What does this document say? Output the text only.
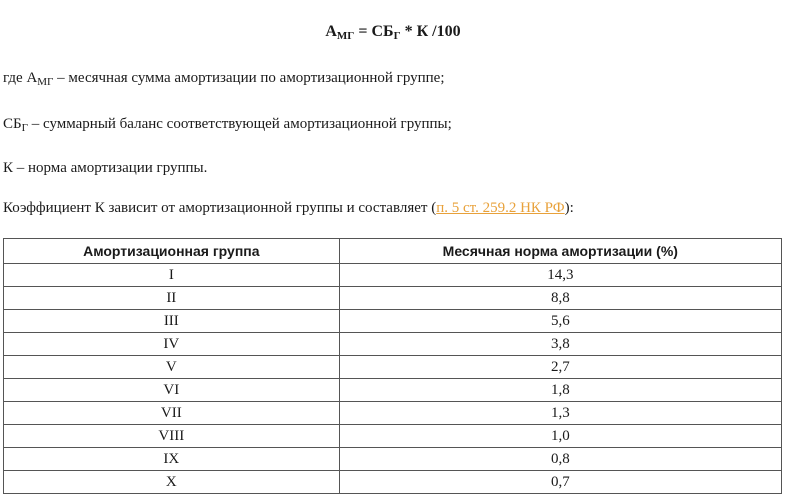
$А_{МГ} = СБ_Г * К$ /100
где $А_{МГ}$ – месячная сумма амортизации по амортизационной группе;
$СБ_Г$ – суммарный баланс соответствующей амортизационной группы;
К – норма амортизации группы.
Коэффициент К зависит от амортизационной группы и составляет (п. 5 ст. 259.2 НК РФ):
Амортизационная группа	Месячная норма амортизации (%)
I	14,3
II	8,8
III	5,6
IV	3,8
V	2,7
VI	1,8
VII	1,3
VIII	1,0
IX	0,8
X	0,7
